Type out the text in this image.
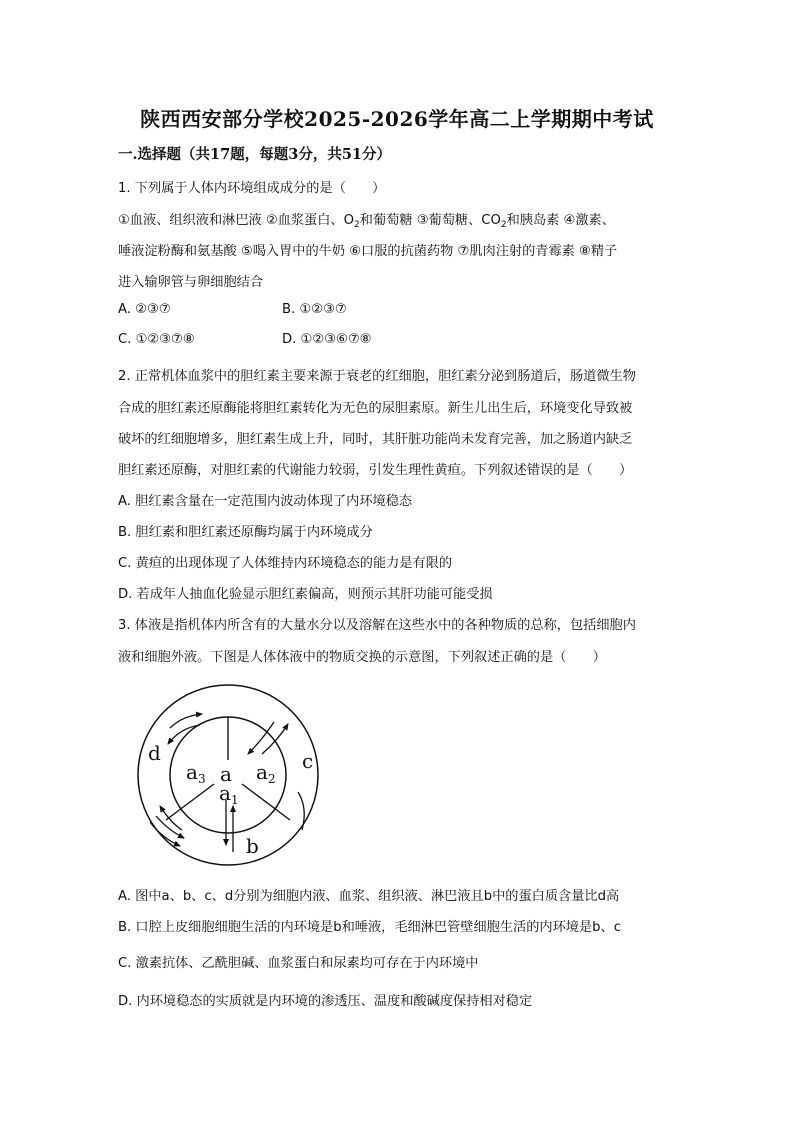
陕西西安部分学校2025-2026学年高二上学期期中考试
一.选择题（共17题，每题3分，共51分）
1. 下列属于人体内环境组成成分的是（　　）
①血液、组织液和淋巴液 ②血浆蛋白、$O_2$和葡萄糖 ③葡萄糖、$CO_2$和胰岛素 ④激素、
唾液淀粉酶和氨基酸 ⑤喝入胃中的牛奶 ⑥口服的抗菌药物 ⑦肌肉注射的青霉素 ⑧精子
进入输卵管与卵细胞结合
A. ②③⑦	B. ①②③⑦
C. ①②③⑦⑧	D. ①②③⑥⑦⑧
2. 正常机体血浆中的胆红素主要来源于衰老的红细胞，胆红素分泌到肠道后，肠道微生物
合成的胆红素还原酶能将胆红素转化为无色的尿胆素原。新生儿出生后，环境变化导致被
破坏的红细胞增多，胆红素生成上升，同时，其肝脏功能尚未发育完善，加之肠道内缺乏
胆红素还原酶，对胆红素的代谢能力较弱，引发生理性黄疸。下列叙述错误的是（　　）
A. 胆红素含量在一定范围内波动体现了内环境稳态
B. 胆红素和胆红素还原酶均属于内环境成分
C. 黄疸的出现体现了人体维持内环境稳态的能力是有限的
D. 若成年人抽血化验显示胆红素偏高，则预示其肝功能可能受损
3. 体液是指机体内所含有的大量水分以及溶解在这些水中的各种物质的总称，包括细胞内
液和细胞外液。下图是人体体液中的物质交换的示意图，下列叙述正确的是（　　）
d	c
b
a
$a_3$	$a_2$
$a_1$
A. 图中a、b、c、d分别为细胞内液、血浆、组织液、淋巴液且b中的蛋白质含量比d高
B. 口腔上皮细胞细胞生活的内环境是b和唾液，毛细淋巴管壁细胞生活的内环境是b、c
C. 激素抗体、乙酰胆碱、血浆蛋白和尿素均可存在于内环境中
D. 内环境稳态的实质就是内环境的渗透压、温度和酸碱度保持相对稳定
